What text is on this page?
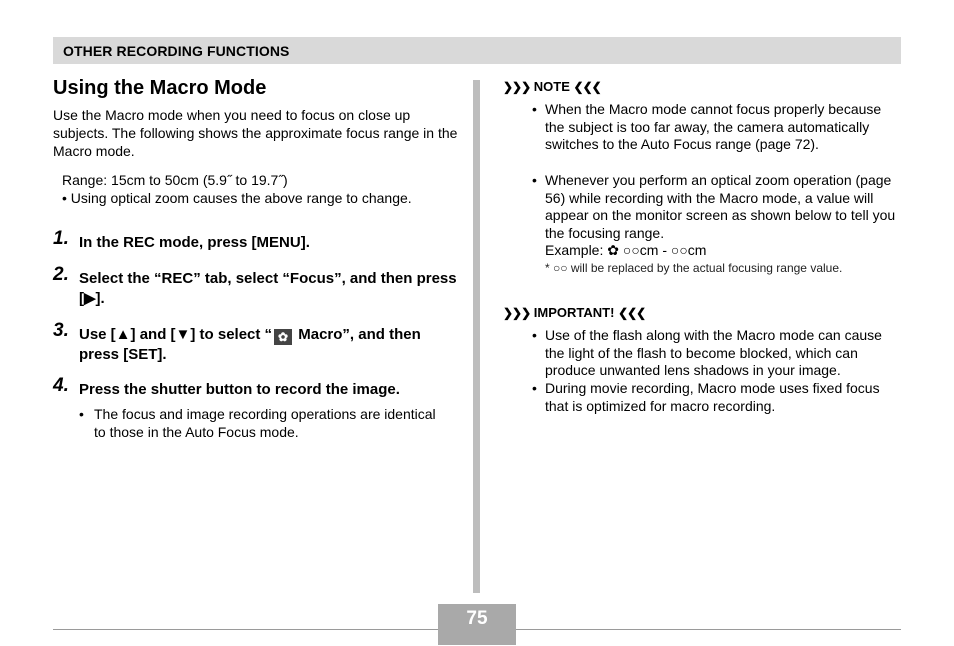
OTHER RECORDING FUNCTIONS
Using the Macro Mode
Use the Macro mode when you need to focus on close up subjects. The following shows the approximate focus range in the Macro mode.
Range: 15cm to 50cm (5.9˝ to 19.7˝)
• Using optical zoom causes the above range to change.
1. In the REC mode, press [MENU].
2. Select the “REC” tab, select “Focus”, and then press [▶].
3. Use [▲] and [▼] to select “ ✿ Macro”, and then press [SET].
4. Press the shutter button to record the image.
• The focus and image recording operations are identical to those in the Auto Focus mode.
❯❯❯ NOTE ❮❮❮
• When the Macro mode cannot focus properly because the subject is too far away, the camera automatically switches to the Auto Focus range (page 72).
• Whenever you perform an optical zoom operation (page 56) while recording with the Macro mode, a value will appear on the monitor screen as shown below to tell you the focusing range.
Example: ✿ ○○cm - ○○cm
* ○○ will be replaced by the actual focusing range value.
❯❯❯ IMPORTANT! ❮❮❮
• Use of the flash along with the Macro mode can cause the light of the flash to become blocked, which can produce unwanted lens shadows in your image.
• During movie recording, Macro mode uses fixed focus that is optimized for macro recording.
75
